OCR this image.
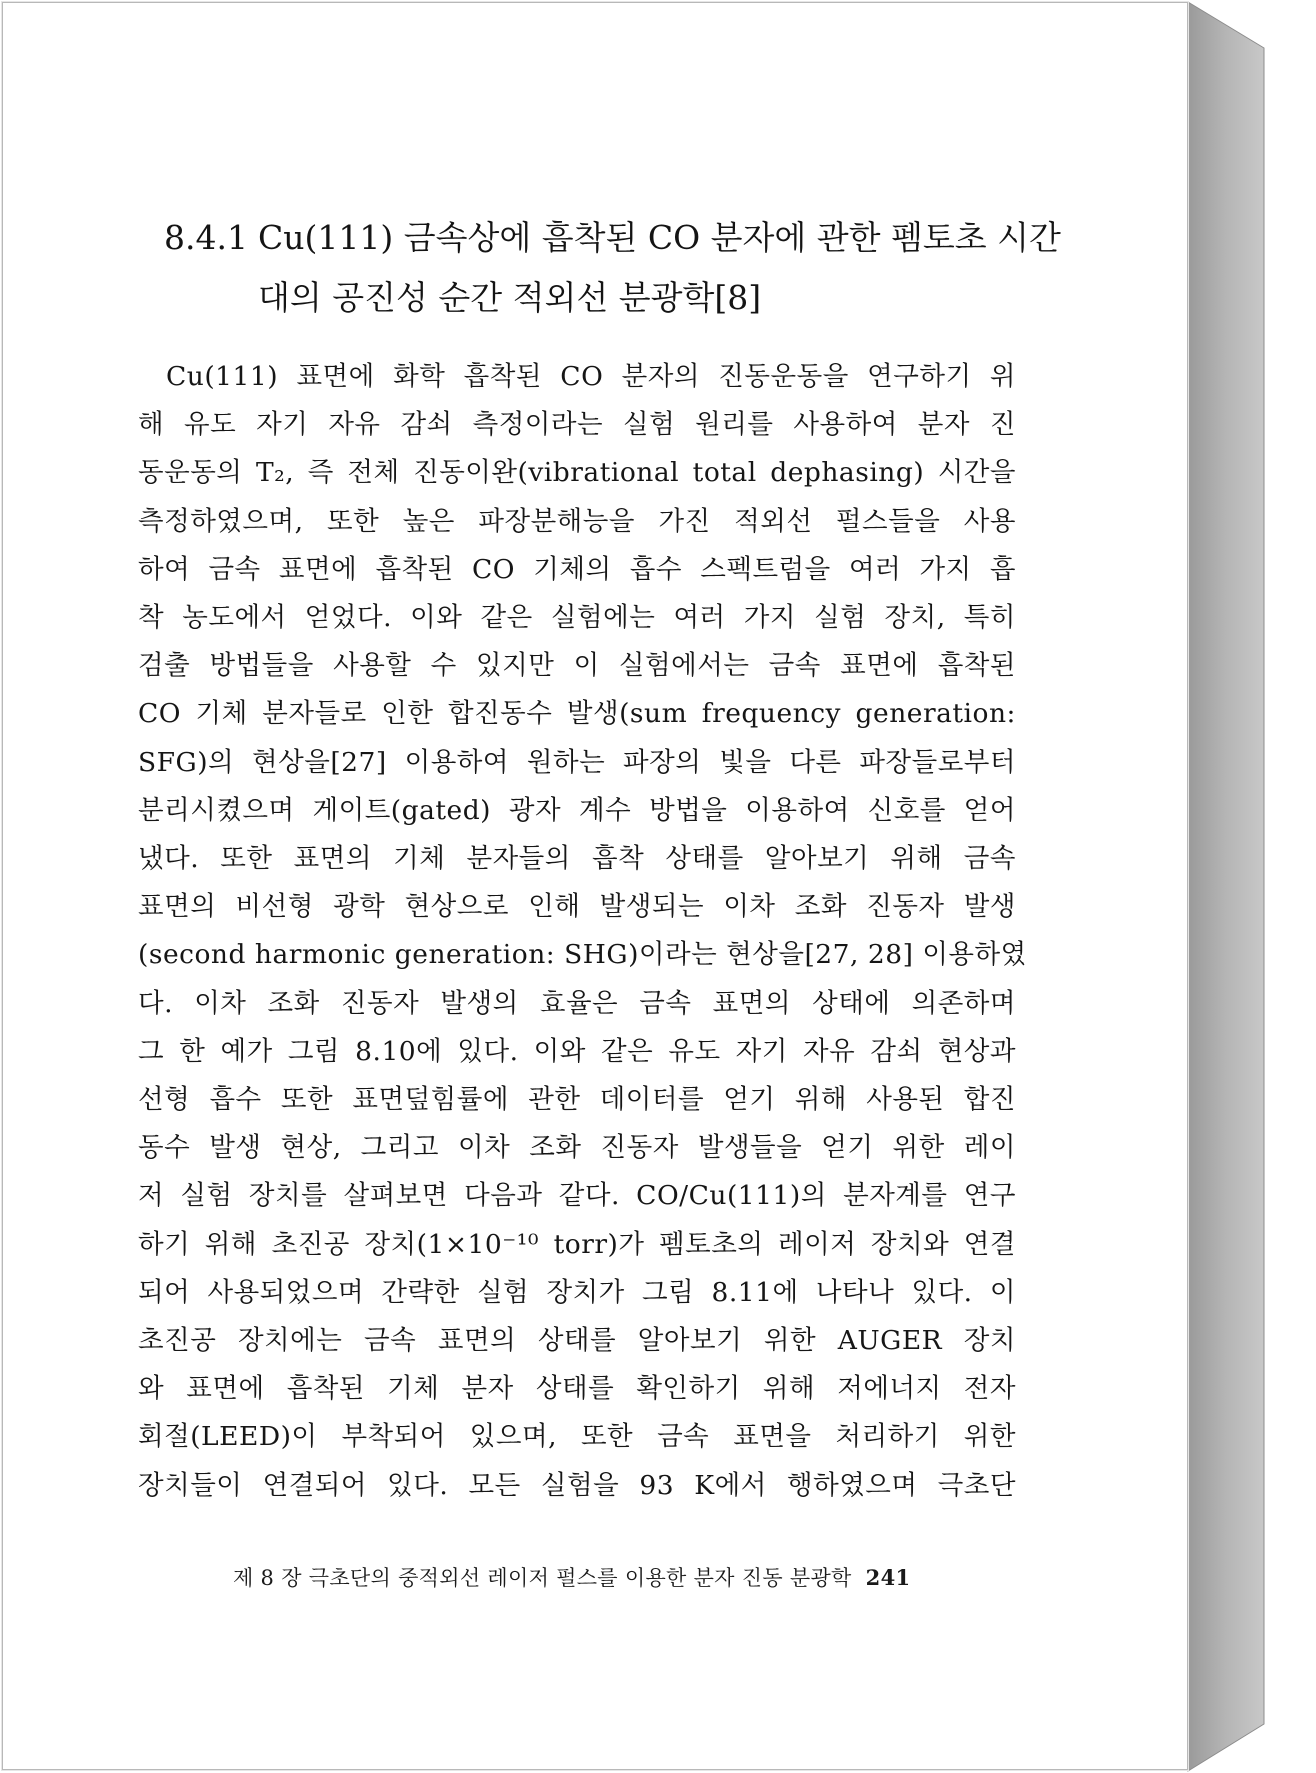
8.4.1 Cu(111) 금속상에 흡착된 CO 분자에 관한 펨토초 시간
대의 공진성 순간 적외선 분광학[8]
Cu(111) 표면에 화학 흡착된 CO 분자의 진동운동을 연구하기 위
해 유도 자기 자유 감쇠 측정이라는 실험 원리를 사용하여 분자 진
동운동의 T₂, 즉 전체 진동이완(vibrational total dephasing) 시간을
측정하였으며, 또한 높은 파장분해능을 가진 적외선 펄스들을 사용
하여 금속 표면에 흡착된 CO 기체의 흡수 스펙트럼을 여러 가지 흡
착 농도에서 얻었다. 이와 같은 실험에는 여러 가지 실험 장치, 특히
검출 방법들을 사용할 수 있지만 이 실험에서는 금속 표면에 흡착된
CO 기체 분자들로 인한 합진동수 발생(sum frequency generation:
SFG)의 현상을[27] 이용하여 원하는 파장의 빛을 다른 파장들로부터
분리시켰으며 게이트(gated) 광자 계수 방법을 이용하여 신호를 얻어
냈다. 또한 표면의 기체 분자들의 흡착 상태를 알아보기 위해 금속
표면의 비선형 광학 현상으로 인해 발생되는 이차 조화 진동자 발생
(second harmonic generation: SHG)이라는 현상을[27, 28] 이용하였
다. 이차 조화 진동자 발생의 효율은 금속 표면의 상태에 의존하며
그 한 예가 그림 8.10에 있다. 이와 같은 유도 자기 자유 감쇠 현상과
선형 흡수 또한 표면덮힘률에 관한 데이터를 얻기 위해 사용된 합진
동수 발생 현상, 그리고 이차 조화 진동자 발생들을 얻기 위한 레이
저 실험 장치를 살펴보면 다음과 같다. CO/Cu(111)의 분자계를 연구
하기 위해 초진공 장치(1×10⁻¹⁰ torr)가 펨토초의 레이저 장치와 연결
되어 사용되었으며 간략한 실험 장치가 그림 8.11에 나타나 있다. 이
초진공 장치에는 금속 표면의 상태를 알아보기 위한 AUGER 장치
와 표면에 흡착된 기체 분자 상태를 확인하기 위해 저에너지 전자
회절(LEED)이 부착되어 있으며, 또한 금속 표면을 처리하기 위한
장치들이 연결되어 있다. 모든 실험을 93 K에서 행하였으며 극초단
제 8 장 극초단의 중적외선 레이저 펄스를 이용한 분자 진동 분광학 241
